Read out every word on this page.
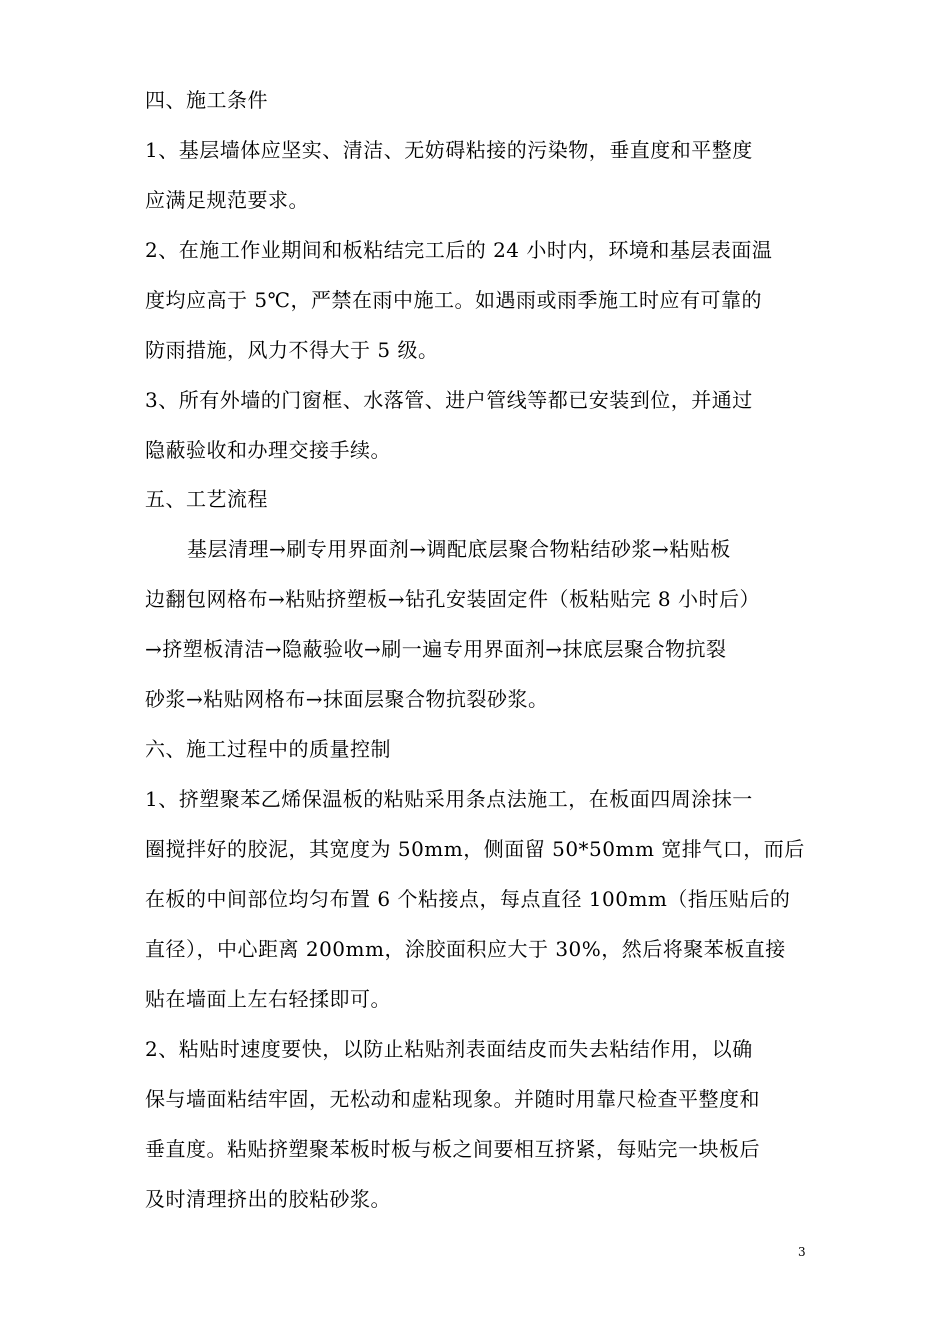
四、施工条件
1、基层墙体应坚实、清洁、无妨碍粘接的污染物，垂直度和平整度
应满足规范要求。
2、在施工作业期间和板粘结完工后的 24 小时内，环境和基层表面温
度均应高于 5℃，严禁在雨中施工。如遇雨或雨季施工时应有可靠的
防雨措施，风力不得大于 5 级。
3、所有外墙的门窗框、水落管、进户管线等都已安装到位，并通过
隐蔽验收和办理交接手续。
五、工艺流程
基层清理→刷专用界面剂→调配底层聚合物粘结砂浆→粘贴板
边翻包网格布→粘贴挤塑板→钻孔安装固定件（板粘贴完 8 小时后）
→挤塑板清洁→隐蔽验收→刷一遍专用界面剂→抹底层聚合物抗裂
砂浆→粘贴网格布→抹面层聚合物抗裂砂浆。
六、施工过程中的质量控制
1、挤塑聚苯乙烯保温板的粘贴采用条点法施工，在板面四周涂抹一
圈搅拌好的胶泥，其宽度为 50mm，侧面留 50*50mm 宽排气口，而后
在板的中间部位均匀布置 6 个粘接点，每点直径 100mm（指压贴后的
直径），中心距离 200mm，涂胶面积应大于 30%，然后将聚苯板直接
贴在墙面上左右轻揉即可。
2、粘贴时速度要快，以防止粘贴剂表面结皮而失去粘结作用，以确
保与墙面粘结牢固，无松动和虚粘现象。并随时用靠尺检查平整度和
垂直度。粘贴挤塑聚苯板时板与板之间要相互挤紧，每贴完一块板后
及时清理挤出的胶粘砂浆。
3
